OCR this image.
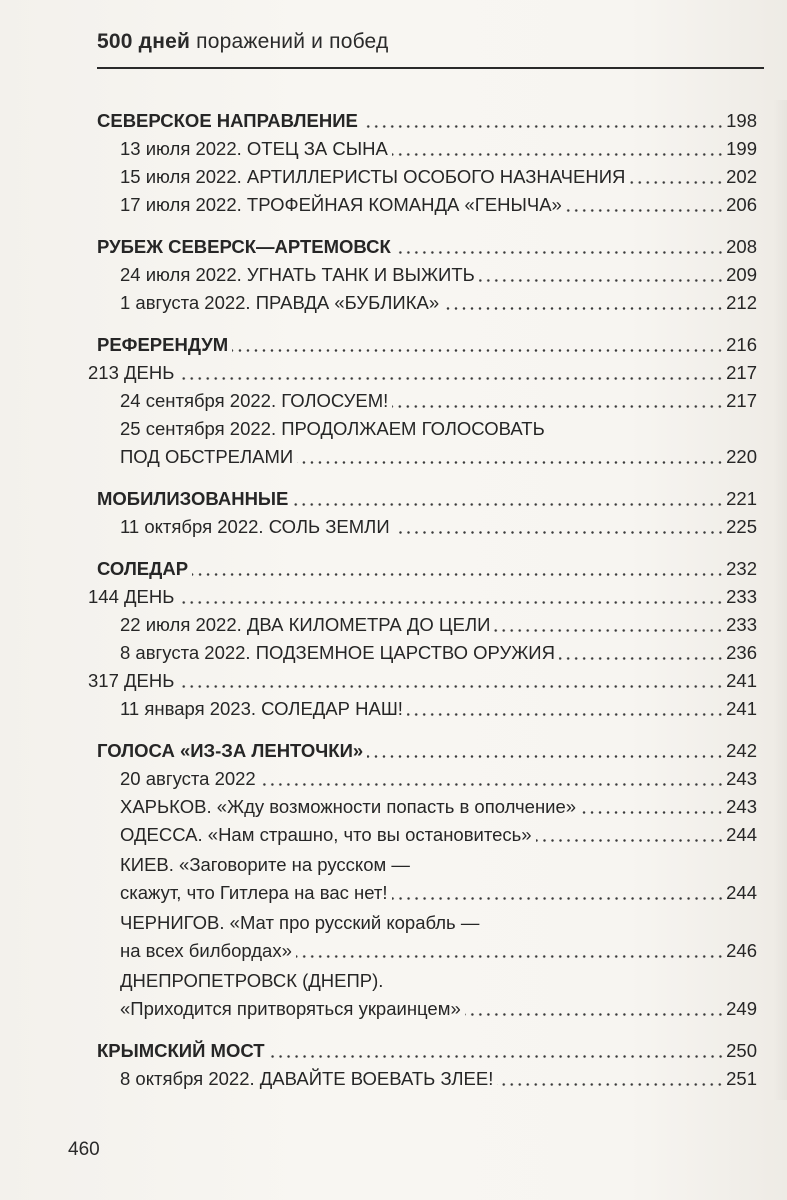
500 дней поражений и побед
СЕВЕРСКОЕ НАПРАВЛЕНИЕ	198
13 июля 2022. ОТЕЦ ЗА СЫНА	199
15 июля 2022. АРТИЛЛЕРИСТЫ ОСОБОГО НАЗНАЧЕНИЯ	202
17 июля 2022. ТРОФЕЙНАЯ КОМАНДА «ГЕНЫЧА»	206
РУБЕЖ СЕВЕРСК—АРТЕМОВСК	208
24 июля 2022. УГНАТЬ ТАНК И ВЫЖИТЬ	209
1 августа 2022. ПРАВДА «БУБЛИКА»	212
РЕФЕРЕНДУМ	216
213 ДЕНЬ	217
24 сентября 2022. ГОЛОСУЕМ!	217
25 сентября 2022. ПРОДОЛЖАЕМ ГОЛОСОВАТЬ
ПОД ОБСТРЕЛАМИ	220
МОБИЛИЗОВАННЫЕ	221
11 октября 2022. СОЛЬ ЗЕМЛИ	225
СОЛЕДАР	232
144 ДЕНЬ	233
22 июля 2022. ДВА КИЛОМЕТРА ДО ЦЕЛИ	233
8 августа 2022. ПОДЗЕМНОЕ ЦАРСТВО ОРУЖИЯ	236
317 ДЕНЬ	241
11 января 2023. СОЛЕДАР НАШ!	241
ГОЛОСА «ИЗ-ЗА ЛЕНТОЧКИ»	242
20 августа 2022	243
ХАРЬКОВ. «Жду возможности попасть в ополчение»	243
ОДЕССА. «Нам страшно, что вы остановитесь»	244
КИЕВ. «Заговорите на русском —
скажут, что Гитлера на вас нет!	244
ЧЕРНИГОВ. «Мат про русский корабль —
на всех билбордах»	246
ДНЕПРОПЕТРОВСК (ДНЕПР).
«Приходится притворяться украинцем»	249
КРЫМСКИЙ МОСТ	250
8 октября 2022. ДАВАЙТЕ ВОЕВАТЬ ЗЛЕЕ!	251
460
